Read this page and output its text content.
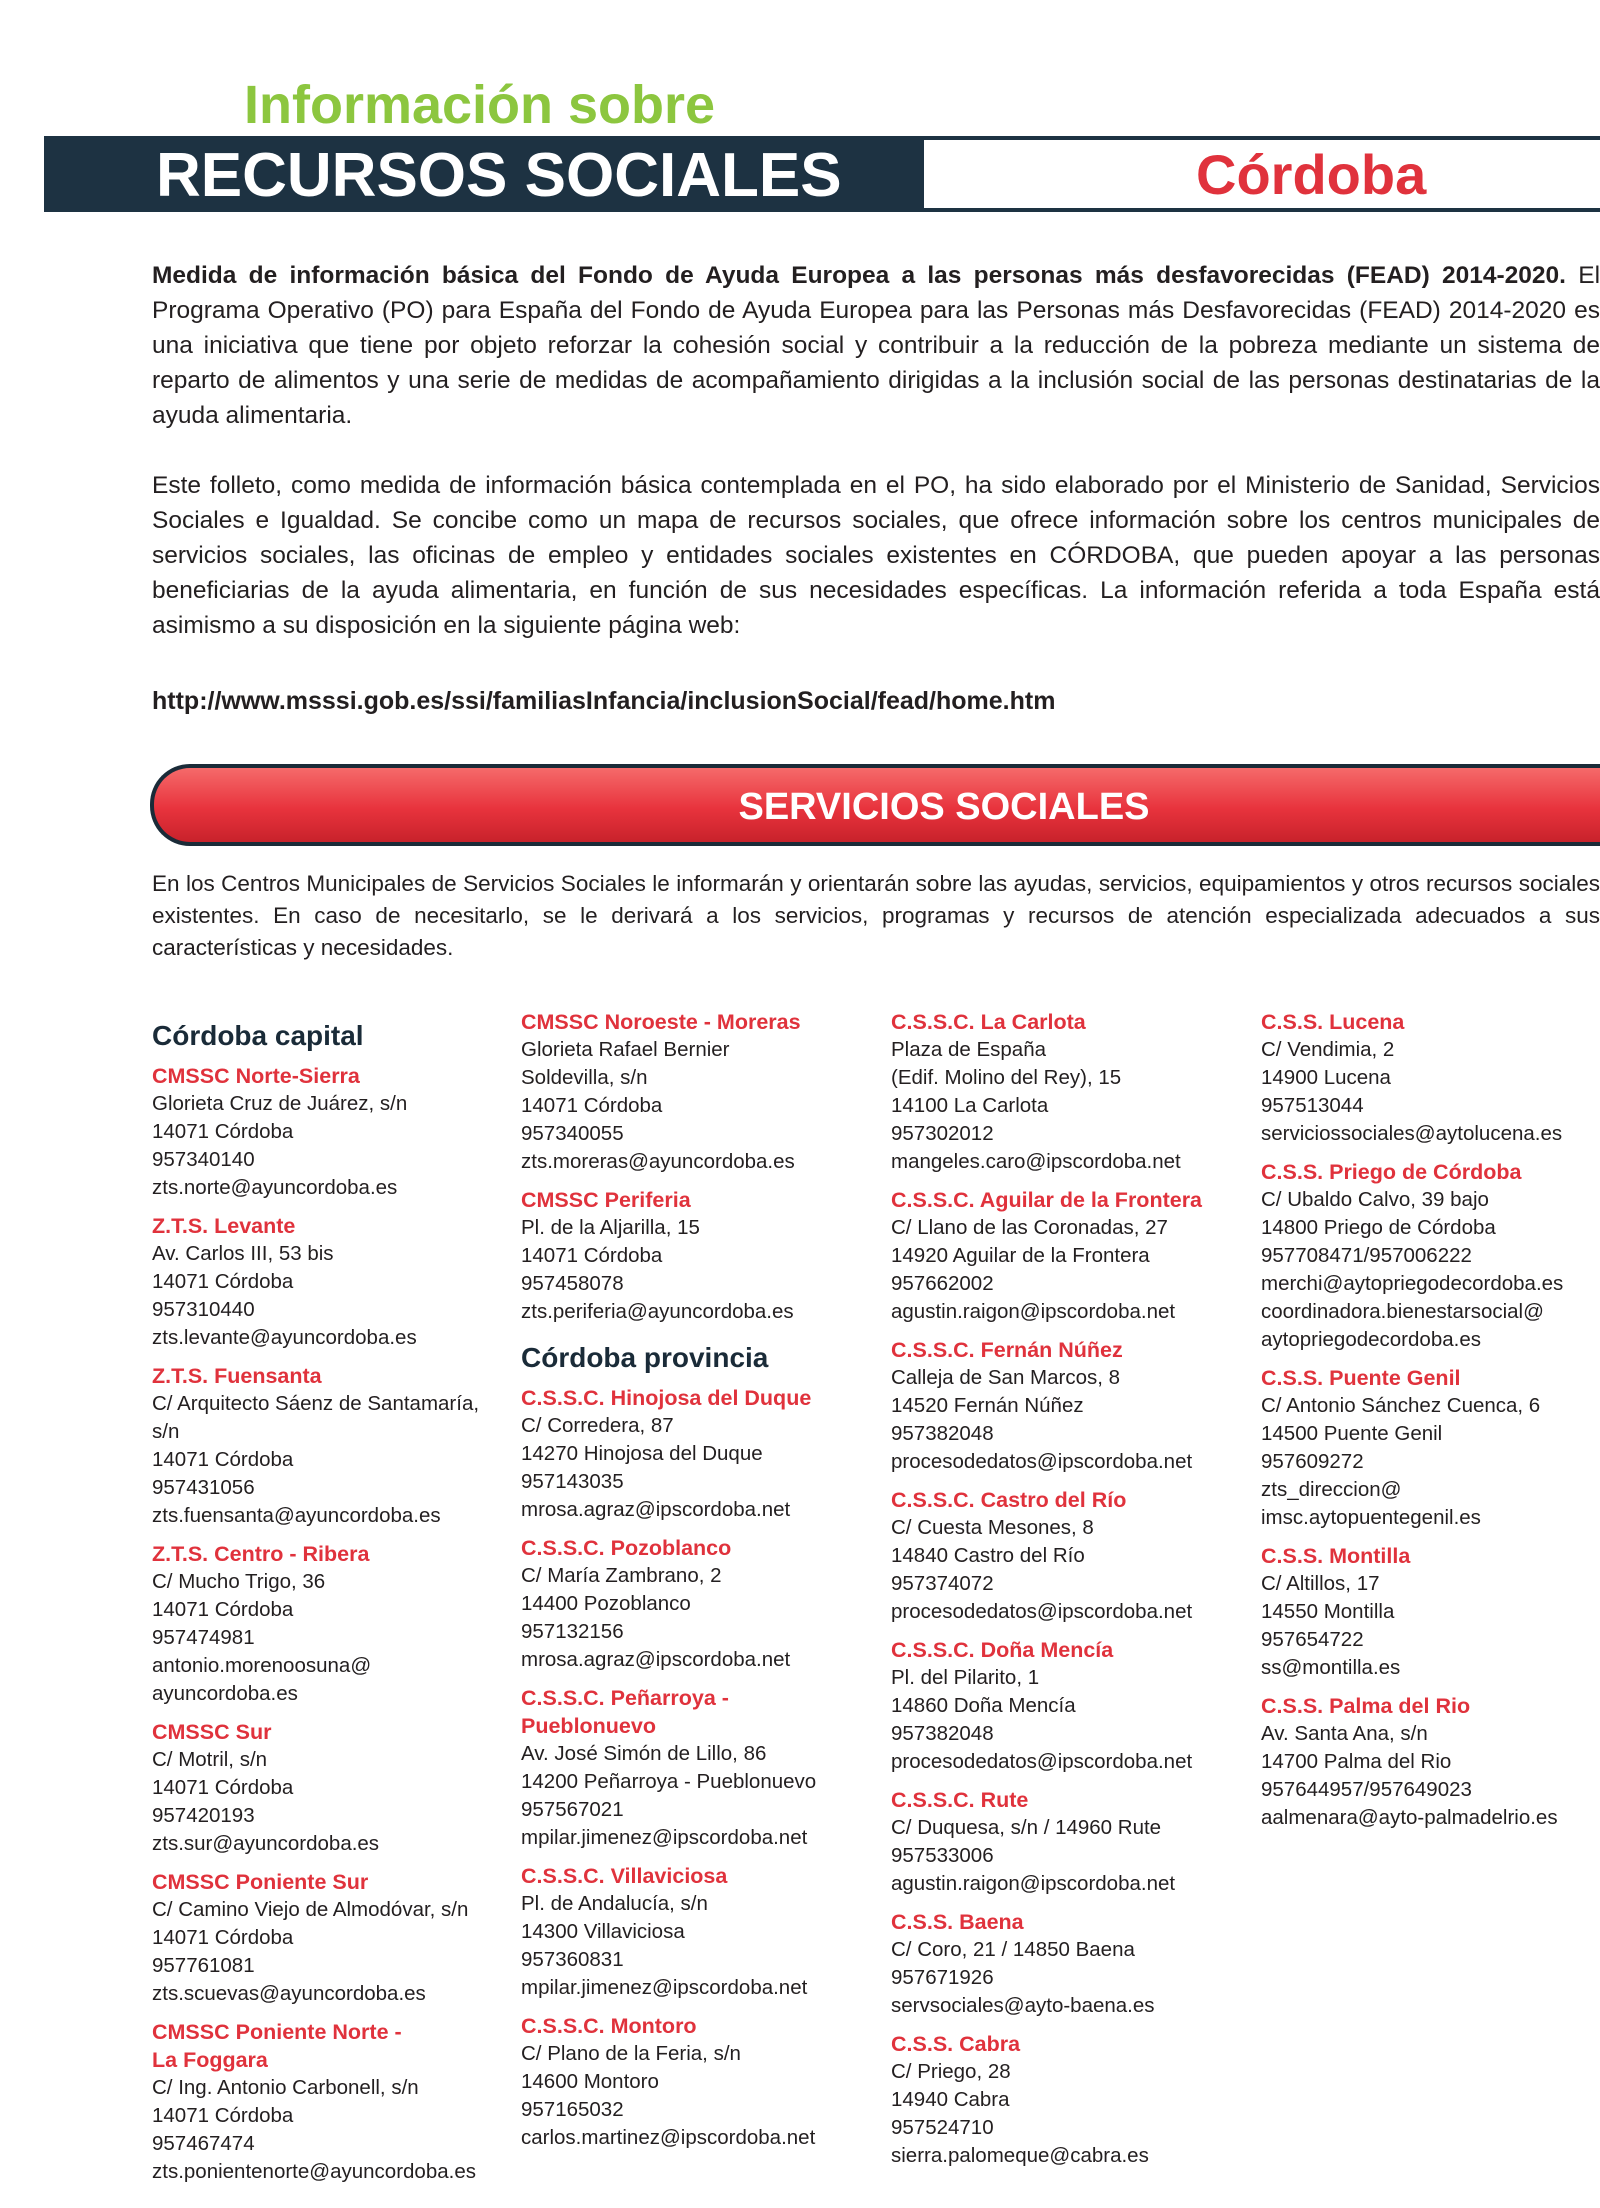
Información sobre
RECURSOS SOCIALES	Córdoba

Medida de información básica del Fondo de Ayuda Europea a las personas más desfavorecidas (FEAD) 2014-2020. El Programa Operativo (PO) para España del Fondo de Ayuda Europea para las Personas más Desfavorecidas (FEAD) 2014-2020 es una iniciativa que tiene por objeto reforzar la cohesión social y contribuir a la reducción de la pobreza mediante un sistema de reparto de alimentos y una serie de medidas de acompañamiento dirigidas a la inclusión social de las personas destinatarias de la ayuda alimentaria.

Este folleto, como medida de información básica contemplada en el PO, ha sido elaborado por el Ministerio de Sanidad, Servicios Sociales e Igualdad. Se concibe como un mapa de recursos sociales, que ofrece información sobre los centros municipales de servicios sociales, las oficinas de empleo y entidades sociales existentes en CÓRDOBA, que pueden apoyar a las personas beneficiarias de la ayuda alimentaria, en función de sus necesidades específicas. La información referida a toda España está asimismo a su disposición en la siguiente página web:

http://www.msssi.gob.es/ssi/familiasInfancia/inclusionSocial/fead/home.htm
SERVICIOS SOCIALES

En los Centros Municipales de Servicios Sociales le informarán y orientarán sobre las ayudas, servicios, equipamientos y otros recursos sociales existentes. En caso de necesitarlo, se le derivará a los servicios, programas y recursos de atención especializada adecuados a sus características y necesidades.

Córdoba capital
CMSSC Norte-Sierra
Glorieta Cruz de Juárez, s/n
14071 Córdoba
957340140
zts.norte@ayuncordoba.es
Z.T.S. Levante
Av. Carlos III, 53 bis
14071 Córdoba
957310440
zts.levante@ayuncordoba.es
Z.T.S. Fuensanta
C/ Arquitecto Sáenz de Santamaría,
s/n
14071 Córdoba
957431056
zts.fuensanta@ayuncordoba.es
Z.T.S. Centro - Ribera
C/ Mucho Trigo, 36
14071 Córdoba
957474981
antonio.morenoosuna@
ayuncordoba.es
CMSSC Sur
C/ Motril, s/n
14071 Córdoba
957420193
zts.sur@ayuncordoba.es
CMSSC Poniente Sur
C/ Camino Viejo de Almodóvar, s/n
14071 Córdoba
957761081
zts.scuevas@ayuncordoba.es
CMSSC Poniente Norte -
La Foggara
C/ Ing. Antonio Carbonell, s/n
14071 Córdoba
957467474
zts.ponientenorte@ayuncordoba.es
CMSSC Noroeste - Moreras
Glorieta Rafael Bernier
Soldevilla, s/n
14071 Córdoba
957340055
zts.moreras@ayuncordoba.es
CMSSC Periferia
Pl. de la Aljarilla, 15
14071 Córdoba
957458078
zts.periferia@ayuncordoba.es
Córdoba provincia
C.S.S.C. Hinojosa del Duque
C/ Corredera, 87
14270 Hinojosa del Duque
957143035
mrosa.agraz@ipscordoba.net
C.S.S.C. Pozoblanco
C/ María Zambrano, 2
14400 Pozoblanco
957132156
mrosa.agraz@ipscordoba.net
C.S.S.C. Peñarroya -
Pueblonuevo
Av. José Simón de Lillo, 86
14200 Peñarroya - Pueblonuevo
957567021
mpilar.jimenez@ipscordoba.net
C.S.S.C. Villaviciosa
Pl. de Andalucía, s/n
14300 Villaviciosa
957360831
mpilar.jimenez@ipscordoba.net
C.S.S.C. Montoro
C/ Plano de la Feria, s/n
14600 Montoro
957165032
carlos.martinez@ipscordoba.net
C.S.S.C. La Carlota
Plaza de España
(Edif. Molino del Rey), 15
14100 La Carlota
957302012
mangeles.caro@ipscordoba.net
C.S.S.C. Aguilar de la Frontera
C/ Llano de las Coronadas, 27
14920 Aguilar de la Frontera
957662002
agustin.raigon@ipscordoba.net
C.S.S.C. Fernán Núñez
Calleja de San Marcos, 8
14520 Fernán Núñez
957382048
procesodedatos@ipscordoba.net
C.S.S.C. Castro del Río
C/ Cuesta Mesones, 8
14840 Castro del Río
957374072
procesodedatos@ipscordoba.net
C.S.S.C. Doña Mencía
Pl. del Pilarito, 1
14860 Doña Mencía
957382048
procesodedatos@ipscordoba.net
C.S.S.C. Rute
C/ Duquesa, s/n / 14960 Rute
957533006
agustin.raigon@ipscordoba.net
C.S.S. Baena
C/ Coro, 21 / 14850 Baena
957671926
servsociales@ayto-baena.es
C.S.S. Cabra
C/ Priego, 28
14940 Cabra
957524710
sierra.palomeque@cabra.es
C.S.S. Lucena
C/ Vendimia, 2
14900 Lucena
957513044
serviciossociales@aytolucena.es
C.S.S. Priego de Córdoba
C/ Ubaldo Calvo, 39 bajo
14800 Priego de Córdoba
957708471/957006222
merchi@aytopriegodecordoba.es
coordinadora.bienestarsocial@
aytopriegodecordoba.es
C.S.S. Puente Genil
C/ Antonio Sánchez Cuenca, 6
14500 Puente Genil
957609272
zts_direccion@
imsc.aytopuentegenil.es
C.S.S. Montilla
C/ Altillos, 17
14550 Montilla
957654722
ss@montilla.es
C.S.S. Palma del Rio
Av. Santa Ana, s/n
14700 Palma del Rio
957644957/957649023
aalmenara@ayto-palmadelrio.es
